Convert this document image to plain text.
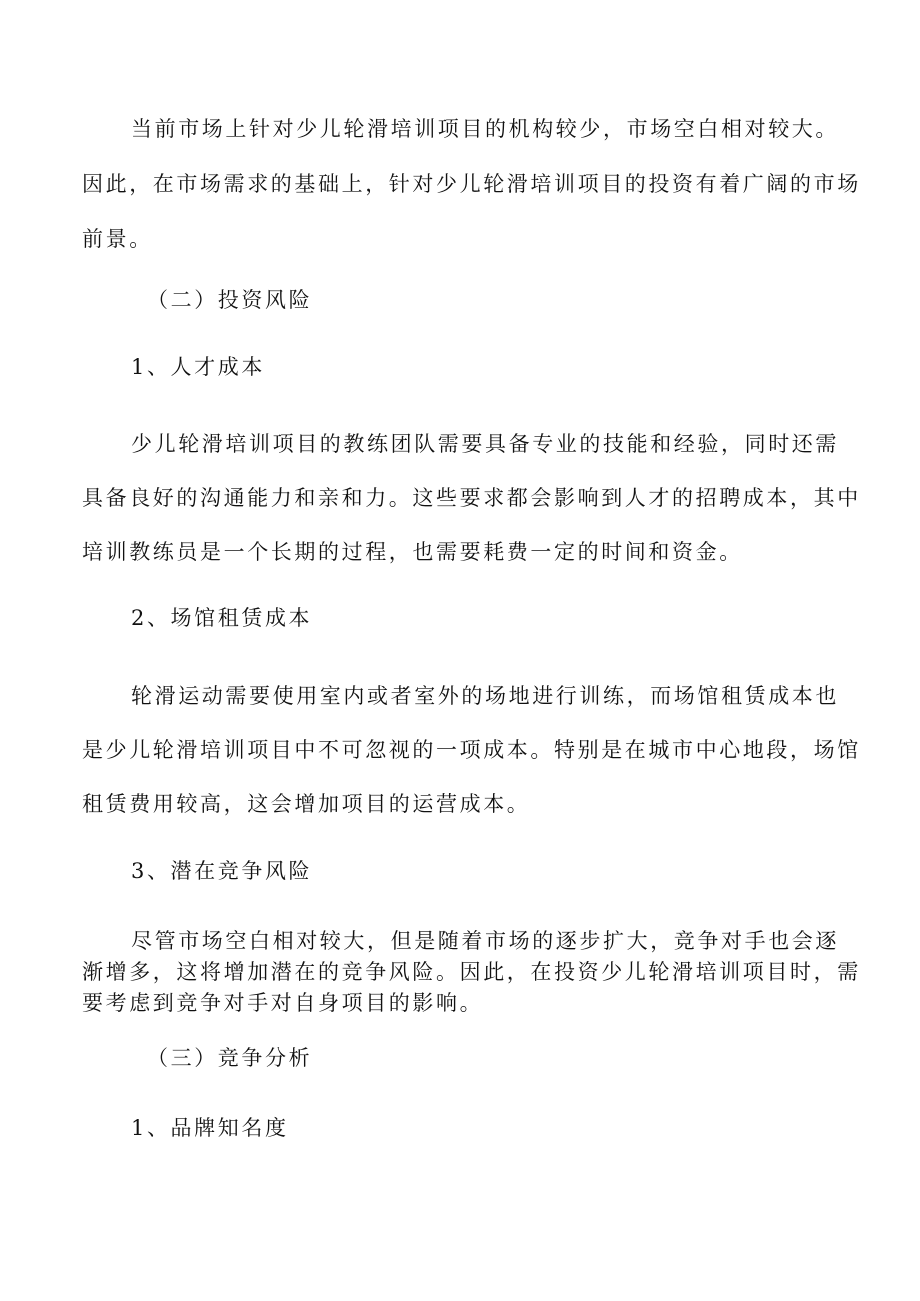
当前市场上针对少儿轮滑培训项目的机构较少，市场空白相对较大。
因此，在市场需求的基础上，针对少儿轮滑培训项目的投资有着广阔的市场
前景。
（二）投资风险
1、人才成本
少儿轮滑培训项目的教练团队需要具备专业的技能和经验，同时还需
具备良好的沟通能力和亲和力。这些要求都会影响到人才的招聘成本，其中
培训教练员是一个长期的过程，也需要耗费一定的时间和资金。
2、场馆租赁成本
轮滑运动需要使用室内或者室外的场地进行训练，而场馆租赁成本也
是少儿轮滑培训项目中不可忽视的一项成本。特别是在城市中心地段，场馆
租赁费用较高，这会增加项目的运营成本。
3、潜在竞争风险
尽管市场空白相对较大，但是随着市场的逐步扩大，竞争对手也会逐
渐增多，这将增加潜在的竞争风险。因此，在投资少儿轮滑培训项目时，需
要考虑到竞争对手对自身项目的影响。
（三）竞争分析
1、品牌知名度
